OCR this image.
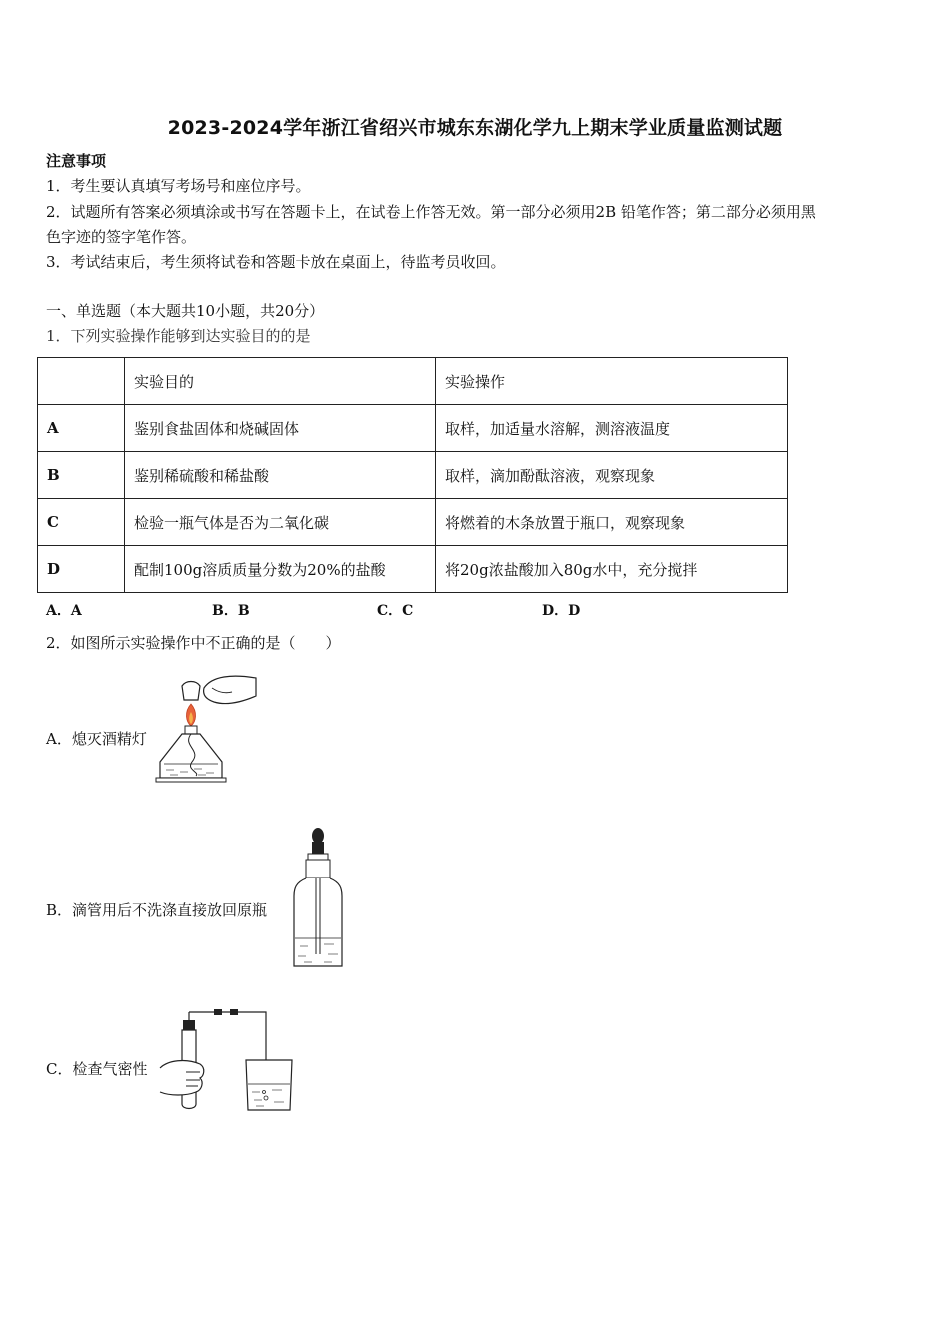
2023-2024学年浙江省绍兴市城东东湖化学九上期末学业质量监测试题
注意事项
1．考生要认真填写考场号和座位序号。
2．试题所有答案必须填涂或书写在答题卡上，在试卷上作答无效。第一部分必须用2B 铅笔作答；第二部分必须用黑
色字迹的签字笔作答。
3．考试结束后，考生须将试卷和答题卡放在桌面上，待监考员收回。
一、单选题（本大题共10小题，共20分）
1．下列实验操作能够到达实验目的的是
	实验目的	实验操作
A	鉴别食盐固体和烧碱固体	取样，加适量水溶解，测溶液温度
B	鉴别稀硫酸和稀盐酸	取样，滴加酚酞溶液，观察现象
C	检验一瓶气体是否为二氧化碳	将燃着的木条放置于瓶口，观察现象
D	配制100g溶质质量分数为20%的盐酸	将20g浓盐酸加入80g水中，充分搅拌
A．A	B．B	C．C	D．D
2．如图所示实验操作中不正确的是（　　）
A．熄灭酒精灯
B．滴管用后不洗涤直接放回原瓶
C．检查气密性
